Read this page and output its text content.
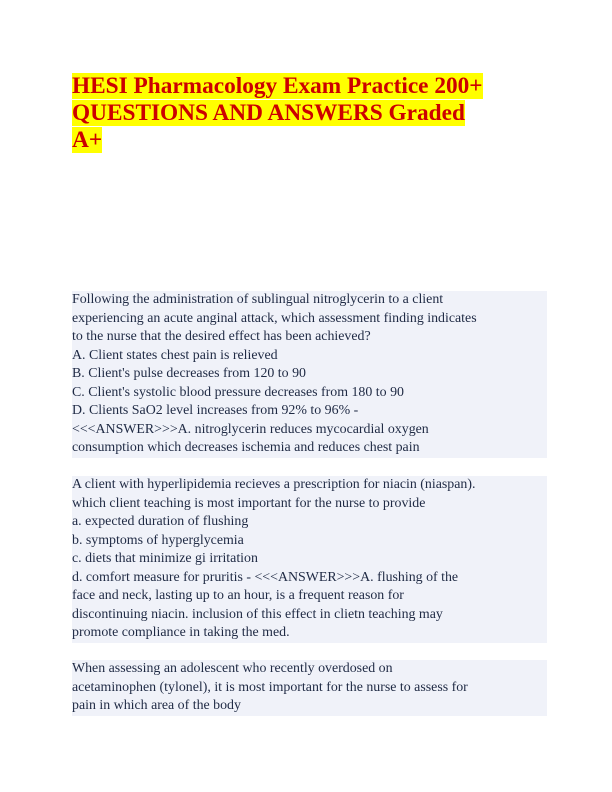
HESI Pharmacology Exam Practice 200+
QUESTIONS AND ANSWERS Graded
A+
Following the administration of sublingual nitroglycerin to a client
experiencing an acute anginal attack, which assessment finding indicates
to the nurse that the desired effect has been achieved?
A. Client states chest pain is relieved
B. Client's pulse decreases from 120 to 90
C. Client's systolic blood pressure decreases from 180 to 90
D. Clients SaO2 level increases from 92% to 96% -
<<<ANSWER>>>A. nitroglycerin reduces mycocardial oxygen
consumption which decreases ischemia and reduces chest pain
A client with hyperlipidemia recieves a prescription for niacin (niaspan).
which client teaching is most important for the nurse to provide
a. expected duration of flushing
b. symptoms of hyperglycemia
c. diets that minimize gi irritation
d. comfort measure for pruritis - <<<ANSWER>>>A. flushing of the
face and neck, lasting up to an hour, is a frequent reason for
discontinuing niacin. inclusion of this effect in clietn teaching may
promote compliance in taking the med.
When assessing an adolescent who recently overdosed on
acetaminophen (tylonel), it is most important for the nurse to assess for
pain in which area of the body
